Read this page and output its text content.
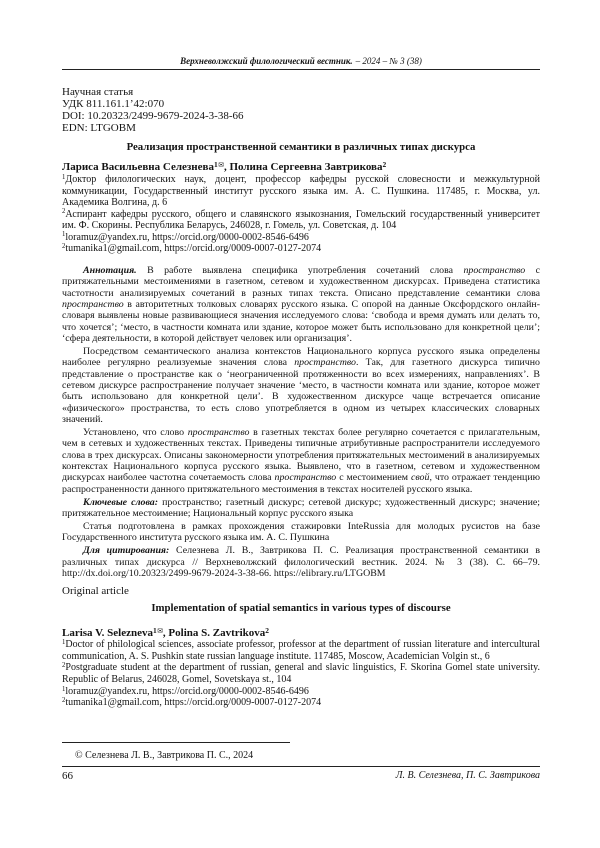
Верхневолжский филологический вестник. – 2024 – № 3 (38)
Научная статья
УДК 811.161.1’42:070
DOI: 10.20323/2499-9679-2024-3-38-66
EDN: LTGOBM
Реализация пространственной семантики в различных типах дискурса
Лариса Васильевна Селезнева$^{1✉}$, Полина Сергеевна Завтрикова$^2$

$^1$Доктор филологических наук, доцент, профессор кафедры русской словесности и межкультурной коммуникации, Государственный институт русского языка им. А. С. Пушкина. 117485, г. Москва, ул. Академика Волгина, д. 6

$^2$Аспирант кафедры русского, общего и славянского языкознания, Гомельский государственный университет им. Ф. Скорины. Республика Беларусь, 246028, г. Гомель, ул. Советская, д. 104

$^1$loramuz@yandex.ru, https://orcid.org/0000-0002-8546-6496

$^2$tumanika1@gmail.com, https://orcid.org/0009-0007-0127-2074

Аннотация. В работе выявлена специфика употребления сочетаний слова пространство с притяжательными местоимениями в газетном, сетевом и художественном дискурсах. Приведена статистика частотности анализируемых сочетаний в разных типах текста. Описано представление семантики слова пространство в авторитетных толковых словарях русского языка. С опорой на данные Оксфордского онлайн-словаря выявлены новые развивающиеся значения исследуемого слова: ‘свобода и время думать или делать то, что хочется’; ‘место, в частности комната или здание, которое может быть использовано для конкретной цели’; ‘сфера деятельности, в которой действует человек или организация’.

Посредством семантического анализа контекстов Национального корпуса русского языка определены наиболее регулярно реализуемые значения слова пространство. Так, для газетного дискурса типично представление о пространстве как о ‘неограниченной протяженности во всех измерениях, направлениях’. В сетевом дискурсе распространение получает значение ‘место, в частности комната или здание, которое может быть использовано для конкретной цели’. В художественном дискурсе чаще встречается описание «физического» пространства, то есть слово употребляется в одном из четырех классических словарных значений.

Установлено, что слово пространство в газетных текстах более регулярно сочетается с прилагательным, чем в сетевых и художественных текстах. Приведены типичные атрибутивные распространители исследуемого слова в трех дискурсах. Описаны закономерности употребления притяжательных местоимений в анализируемых контекстах Национального корпуса русского языка. Выявлено, что в газетном, сетевом и художественном дискурсах наиболее частотна сочетаемость слова пространство с местоимением свой, что отражает тенденцию распространенности данного притяжательного местоимения в текстах носителей русского языка.

Ключевые слова: пространство; газетный дискурс; сетевой дискурс; художественный дискурс; значение; притяжательное местоимение; Национальный корпус русского языка

Статья подготовлена в рамках прохождения стажировки InteRussia для молодых русистов на базе Государственного института русского языка им. А. С. Пушкина

Для цитирования: Селезнева Л. В., Завтрикова П. С. Реализация пространственной семантики в различных типах дискурса // Верхневолжский филологический вестник. 2024. № 3 (38). С. 66–79. http://dx.doi.org/10.20323/2499-9679-2024-3-38-66. https://elibrary.ru/LTGOBM

Original article
Implementation of spatial semantics in various types of discourse
Larisa V. Selezneva$^{1✉}$, Polina S. Zavtrikova$^2$

$^1$Doctor of philological sciences, associate professor, professor at the department of russian literature and intercultural communication, A. S. Pushkin state russian language institute. 117485, Moscow, Academician Volgin st., 6

$^2$Postgraduate student at the department of russian, general and slavic linguistics, F. Skorina Gomel state university. Republic of Belarus, 246028, Gomel, Sovetskaya st., 104

$^1$loramuz@yandex.ru, https://orcid.org/0000-0002-8546-6496

$^2$tumanika1@gmail.com, https://orcid.org/0009-0007-0127-2074

© Селезнева Л. В., Завтрикова П. С., 2024
66	Л. В. Селезнева, П. С. Завтрикова
